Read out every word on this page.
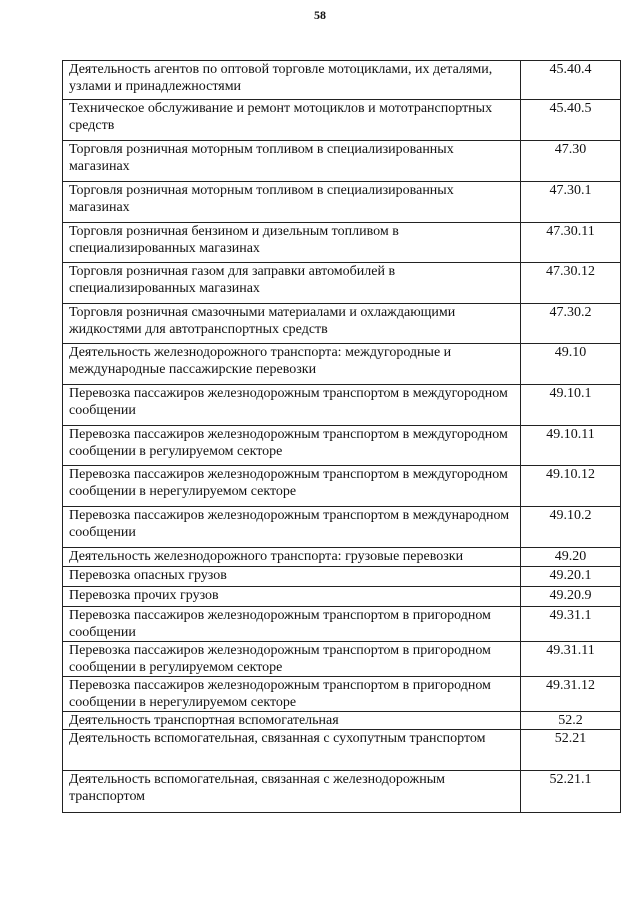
58
Деятельность агентов по оптовой торговле мотоциклами, их деталями, узлами и принадлежностями	45.40.4
Техническое обслуживание и ремонт мотоциклов и мототранспортных средств	45.40.5
Торговля розничная моторным топливом в специализированных магазинах	47.30
Торговля розничная моторным топливом в специализированных магазинах	47.30.1
Торговля розничная бензином и дизельным топливом в специализированных магазинах	47.30.11
Торговля розничная газом для заправки автомобилей в специализированных магазинах	47.30.12
Торговля розничная смазочными материалами и охлаждающими жидкостями для автотранспортных средств	47.30.2
Деятельность железнодорожного транспорта: междугородные и международные пассажирские перевозки	49.10
Перевозка пассажиров железнодорожным транспортом в междугородном сообщении	49.10.1
Перевозка пассажиров железнодорожным транспортом в междугородном сообщении в регулируемом секторе	49.10.11
Перевозка пассажиров железнодорожным транспортом в междугородном сообщении в нерегулируемом секторе	49.10.12
Перевозка пассажиров железнодорожным транспортом в международном сообщении	49.10.2
Деятельность железнодорожного транспорта: грузовые перевозки	49.20
Перевозка опасных грузов	49.20.1
Перевозка прочих грузов	49.20.9
Перевозка пассажиров железнодорожным транспортом в пригородном сообщении	49.31.1
Перевозка пассажиров железнодорожным транспортом в пригородном сообщении в регулируемом секторе	49.31.11
Перевозка пассажиров железнодорожным транспортом в пригородном сообщении в нерегулируемом секторе	49.31.12
Деятельность транспортная вспомогательная	52.2
Деятельность вспомогательная, связанная с сухопутным транспортом	52.21
Деятельность вспомогательная, связанная с железнодорожным транспортом	52.21.1
